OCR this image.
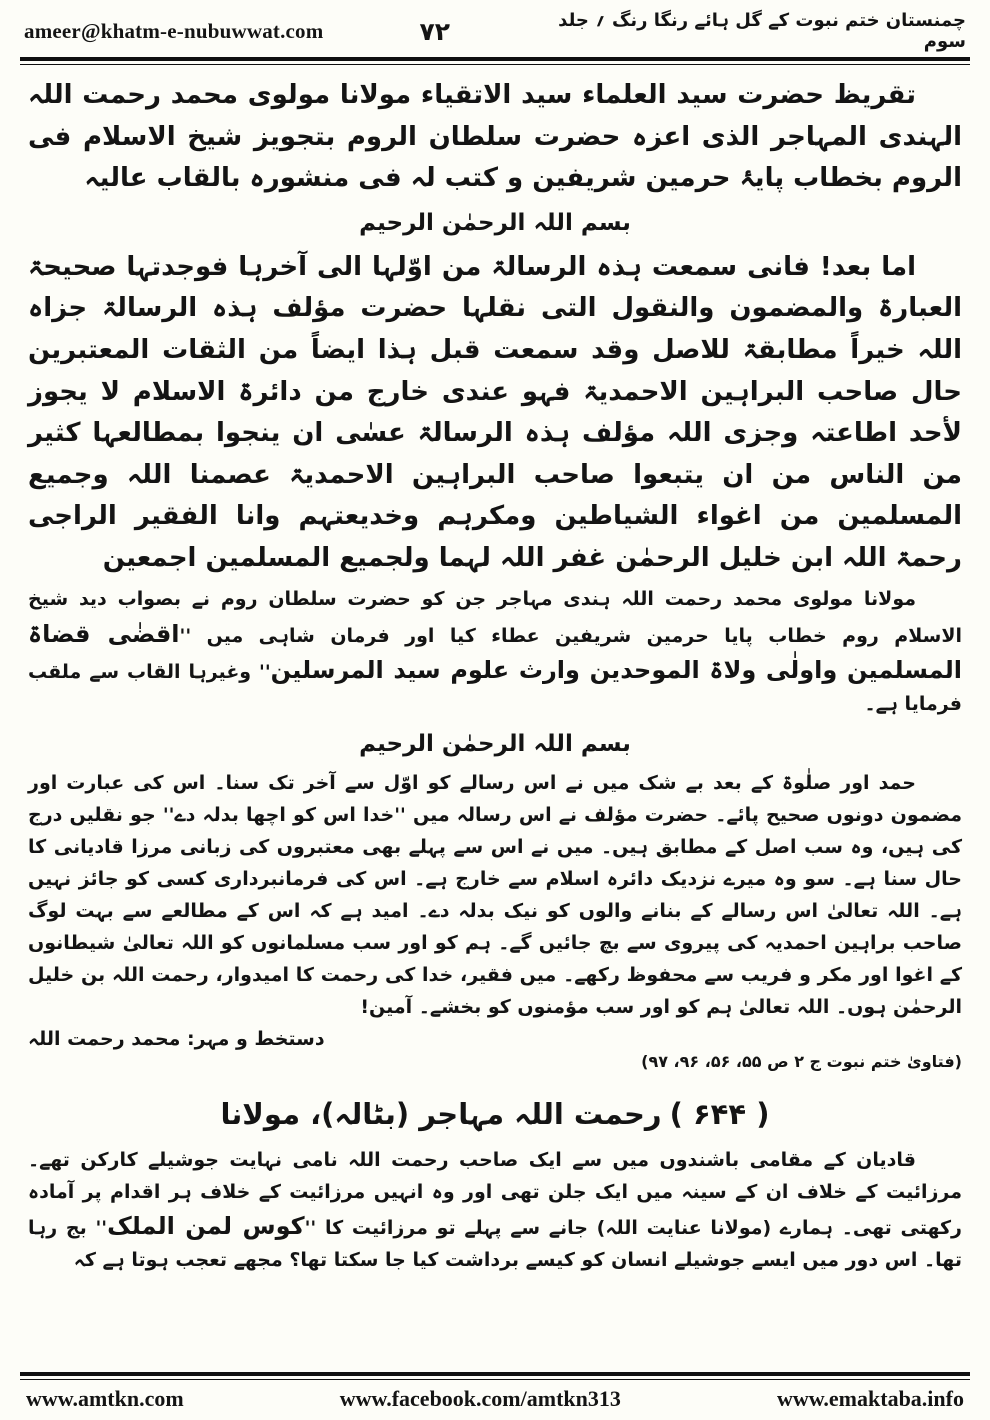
ameer@khatm-e-nubuwwat.com	۷۲	چمنستان ختم نبوت کے گل ہائے رنگا رنگ ؍ جلد سوم

تقریظ حضرت سید العلماء سید الاتقیاء مولانا مولوی محمد رحمت اللہ الہندی المہاجر الذی اعزہ حضرت سلطان الروم بتجویز شیخ الاسلام فی الروم بخطاب پایۂ حرمین شریفین و کتب لہ فی منشورہ بالقاب عالیہ

بسم اللہ الرحمٰن الرحیم

اما بعد! فانی سمعت ہذہ الرسالۃ من اوّلہا الی آخرہا فوجدتہا صحیحۃ العبارۃ والمضمون والنقول التی نقلہا حضرت مؤلف ہذہ الرسالۃ جزاہ اللہ خیراً مطابقۃ للاصل وقد سمعت قبل ہذا ایضاً من الثقات المعتبرین حال صاحب البراہین الاحمدیۃ فہو عندی خارج من دائرۃ الاسلام لا یجوز لأحد اطاعتہ وجزی اللہ مؤلف ہذہ الرسالۃ عسٰی ان ینجوا بمطالعہا کثیر من الناس من ان یتبعوا صاحب البراہین الاحمدیۃ عصمنا اللہ وجمیع المسلمین من اغواء الشیاطین ومکرہم وخدیعتہم وانا الفقیر الراجی رحمۃ اللہ ابن خلیل الرحمٰن غفر اللہ لہما ولجمیع المسلمین اجمعین

مولانا مولوی محمد رحمت اللہ ہندی مہاجر جن کو حضرت سلطان روم نے بصواب دید شیخ الاسلام روم خطاب پایا حرمین شریفین عطاء کیا اور فرمان شاہی میں ''اقضٰی قضاۃ المسلمین واولٰی ولاۃ الموحدین وارث علوم سید المرسلین'' وغیرہا القاب سے ملقب فرمایا ہے۔

بسم اللہ الرحمٰن الرحیم

حمد اور صلٰوۃ کے بعد بے شک میں نے اس رسالے کو اوّل سے آخر تک سنا۔ اس کی عبارت اور مضمون دونوں صحیح پائے۔ حضرت مؤلف نے اس رسالہ میں ''خدا اس کو اچھا بدلہ دے'' جو نقلیں درج کی ہیں، وہ سب اصل کے مطابق ہیں۔ میں نے اس سے پہلے بھی معتبروں کی زبانی مرزا قادیانی کا حال سنا ہے۔ سو وہ میرے نزدیک دائرہ اسلام سے خارج ہے۔ اس کی فرمانبرداری کسی کو جائز نہیں ہے۔ اللہ تعالیٰ اس رسالے کے بنانے والوں کو نیک بدلہ دے۔ امید ہے کہ اس کے مطالعے سے بہت لوگ صاحب براہین احمدیہ کی پیروی سے بچ جائیں گے۔ ہم کو اور سب مسلمانوں کو اللہ تعالیٰ شیطانوں کے اغوا اور مکر و فریب سے محفوظ رکھے۔ میں فقیر، خدا کی رحمت کا امیدوار، رحمت اللہ بن خلیل الرحمٰن ہوں۔ اللہ تعالیٰ ہم کو اور سب مؤمنوں کو بخشے۔ آمین!

دستخط و مہر: محمد رحمت اللہ
(فتاویٰ ختم نبوت ج ۲ ص ۵۵، ۵۶، ۹۶، ۹۷)
( ۶۴۴ )رحمت اللہ مہاجر (بٹالہ)، مولانا

قادیان کے مقامی باشندوں میں سے ایک صاحب رحمت اللہ نامی نہایت جوشیلے کارکن تھے۔ مرزائیت کے خلاف ان کے سینہ میں ایک جلن تھی اور وہ انہیں مرزائیت کے خلاف ہر اقدام پر آمادہ رکھتی تھی۔ ہمارے (مولانا عنایت اللہ) جانے سے پہلے تو مرزائیت کا ''کوس لمن الملک'' بج رہا تھا۔ اس دور میں ایسے جوشیلے انسان کو کیسے برداشت کیا جا سکتا تھا؟ مجھے تعجب ہوتا ہے کہ

www.amtkn.com	www.facebook.com/amtkn313	www.emaktaba.info
